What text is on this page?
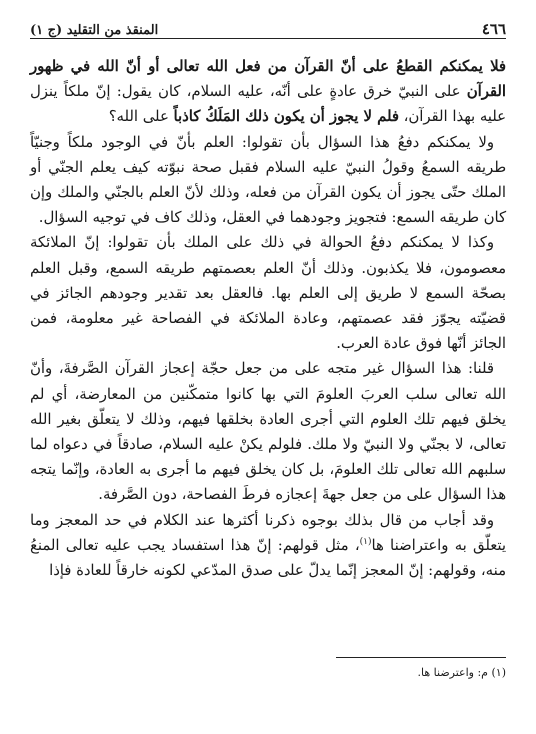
٤٦٦
المنقذ من التقليد (ج ١)

فلا يمكنكم القطعُ على أنّ القرآن من فعل الله تعالى أو أنّ الله في ظهور القرآن على النبيّ خرق عادةٍ على أنّه، عليه السلام، كان يقول: إنّ ملكاً ينزل عليه بهذا القرآن، فلم لا يجوز أن يكون ذلك المَلَكُ كاذباً على الله؟

ولا يمكنكم دفعُ هذا السؤال بأن تقولوا: العلم بأنّ في الوجود ملكاً وجنيّاً طريقه السمعُ وقولُ النبيّ عليه السلام فقبل صحة نبوّته كيف يعلم الجنّي أو الملك حتّى يجوز أن يكون القرآن من فعله، وذلك لأنّ العلم بالجنّي والملك وإن كان طريقه السمع: فتجويز وجودهما في العقل، وذلك كاف في توجيه السؤال.

وكذا لا يمكنكم دفعُ الحوالة في ذلك على الملك بأن تقولوا: إنّ الملائكة معصومون، فلا يكذبون. وذلك أنّ العلم بعصمتهم طريقه السمع، وقبل العلم بصحّة السمع لا طريق إلى العلم بها. فالعقل بعد تقدير وجودهم الجائز في قضيّته يجوّز فقد عصمتهم، وعادة الملائكة في الفصاحة غير معلومة، فمن الجائز أنّها فوق عادة العرب.

قلنا: هذا السؤال غير متجه على من جعل حجّة إعجاز القرآن الصَّرفةَ، وأنّ الله تعالى سلب العربَ العلومَ التي بها كانوا متمكّنين من المعارضة، أي لم يخلق فيهم تلك العلوم التي أجرى العادة بخلقها فيهم، وذلك لا يتعلّق بغير الله تعالى، لا بجنّي ولا النبيّ ولا ملك. فلولم يكنْ عليه السلام، صادقاً في دعواه لما سلبهم الله تعالى تلك العلومَ، بل كان يخلق فيهم ما أجرى به العادة، وإنّما يتجه هذا السؤال على من جعل جهةَ إعجازه فرطَ الفصاحة، دون الصَّرفة.

وقد أجاب من قال بذلك بوجوه ذكرنا أكثرها عند الكلام في حد المعجز وما يتعلّق به واعتراضنا ها$^{(١)}$، مثل قولهم: إنّ هذا استفساد يجب عليه تعالى المنعُ منه، وقولهم: إنّ المعجز إنّما يدلّ على صدق المدّعي لكونه خارقاً للعادة فإذا

(١) م: واعترضنا ها.
